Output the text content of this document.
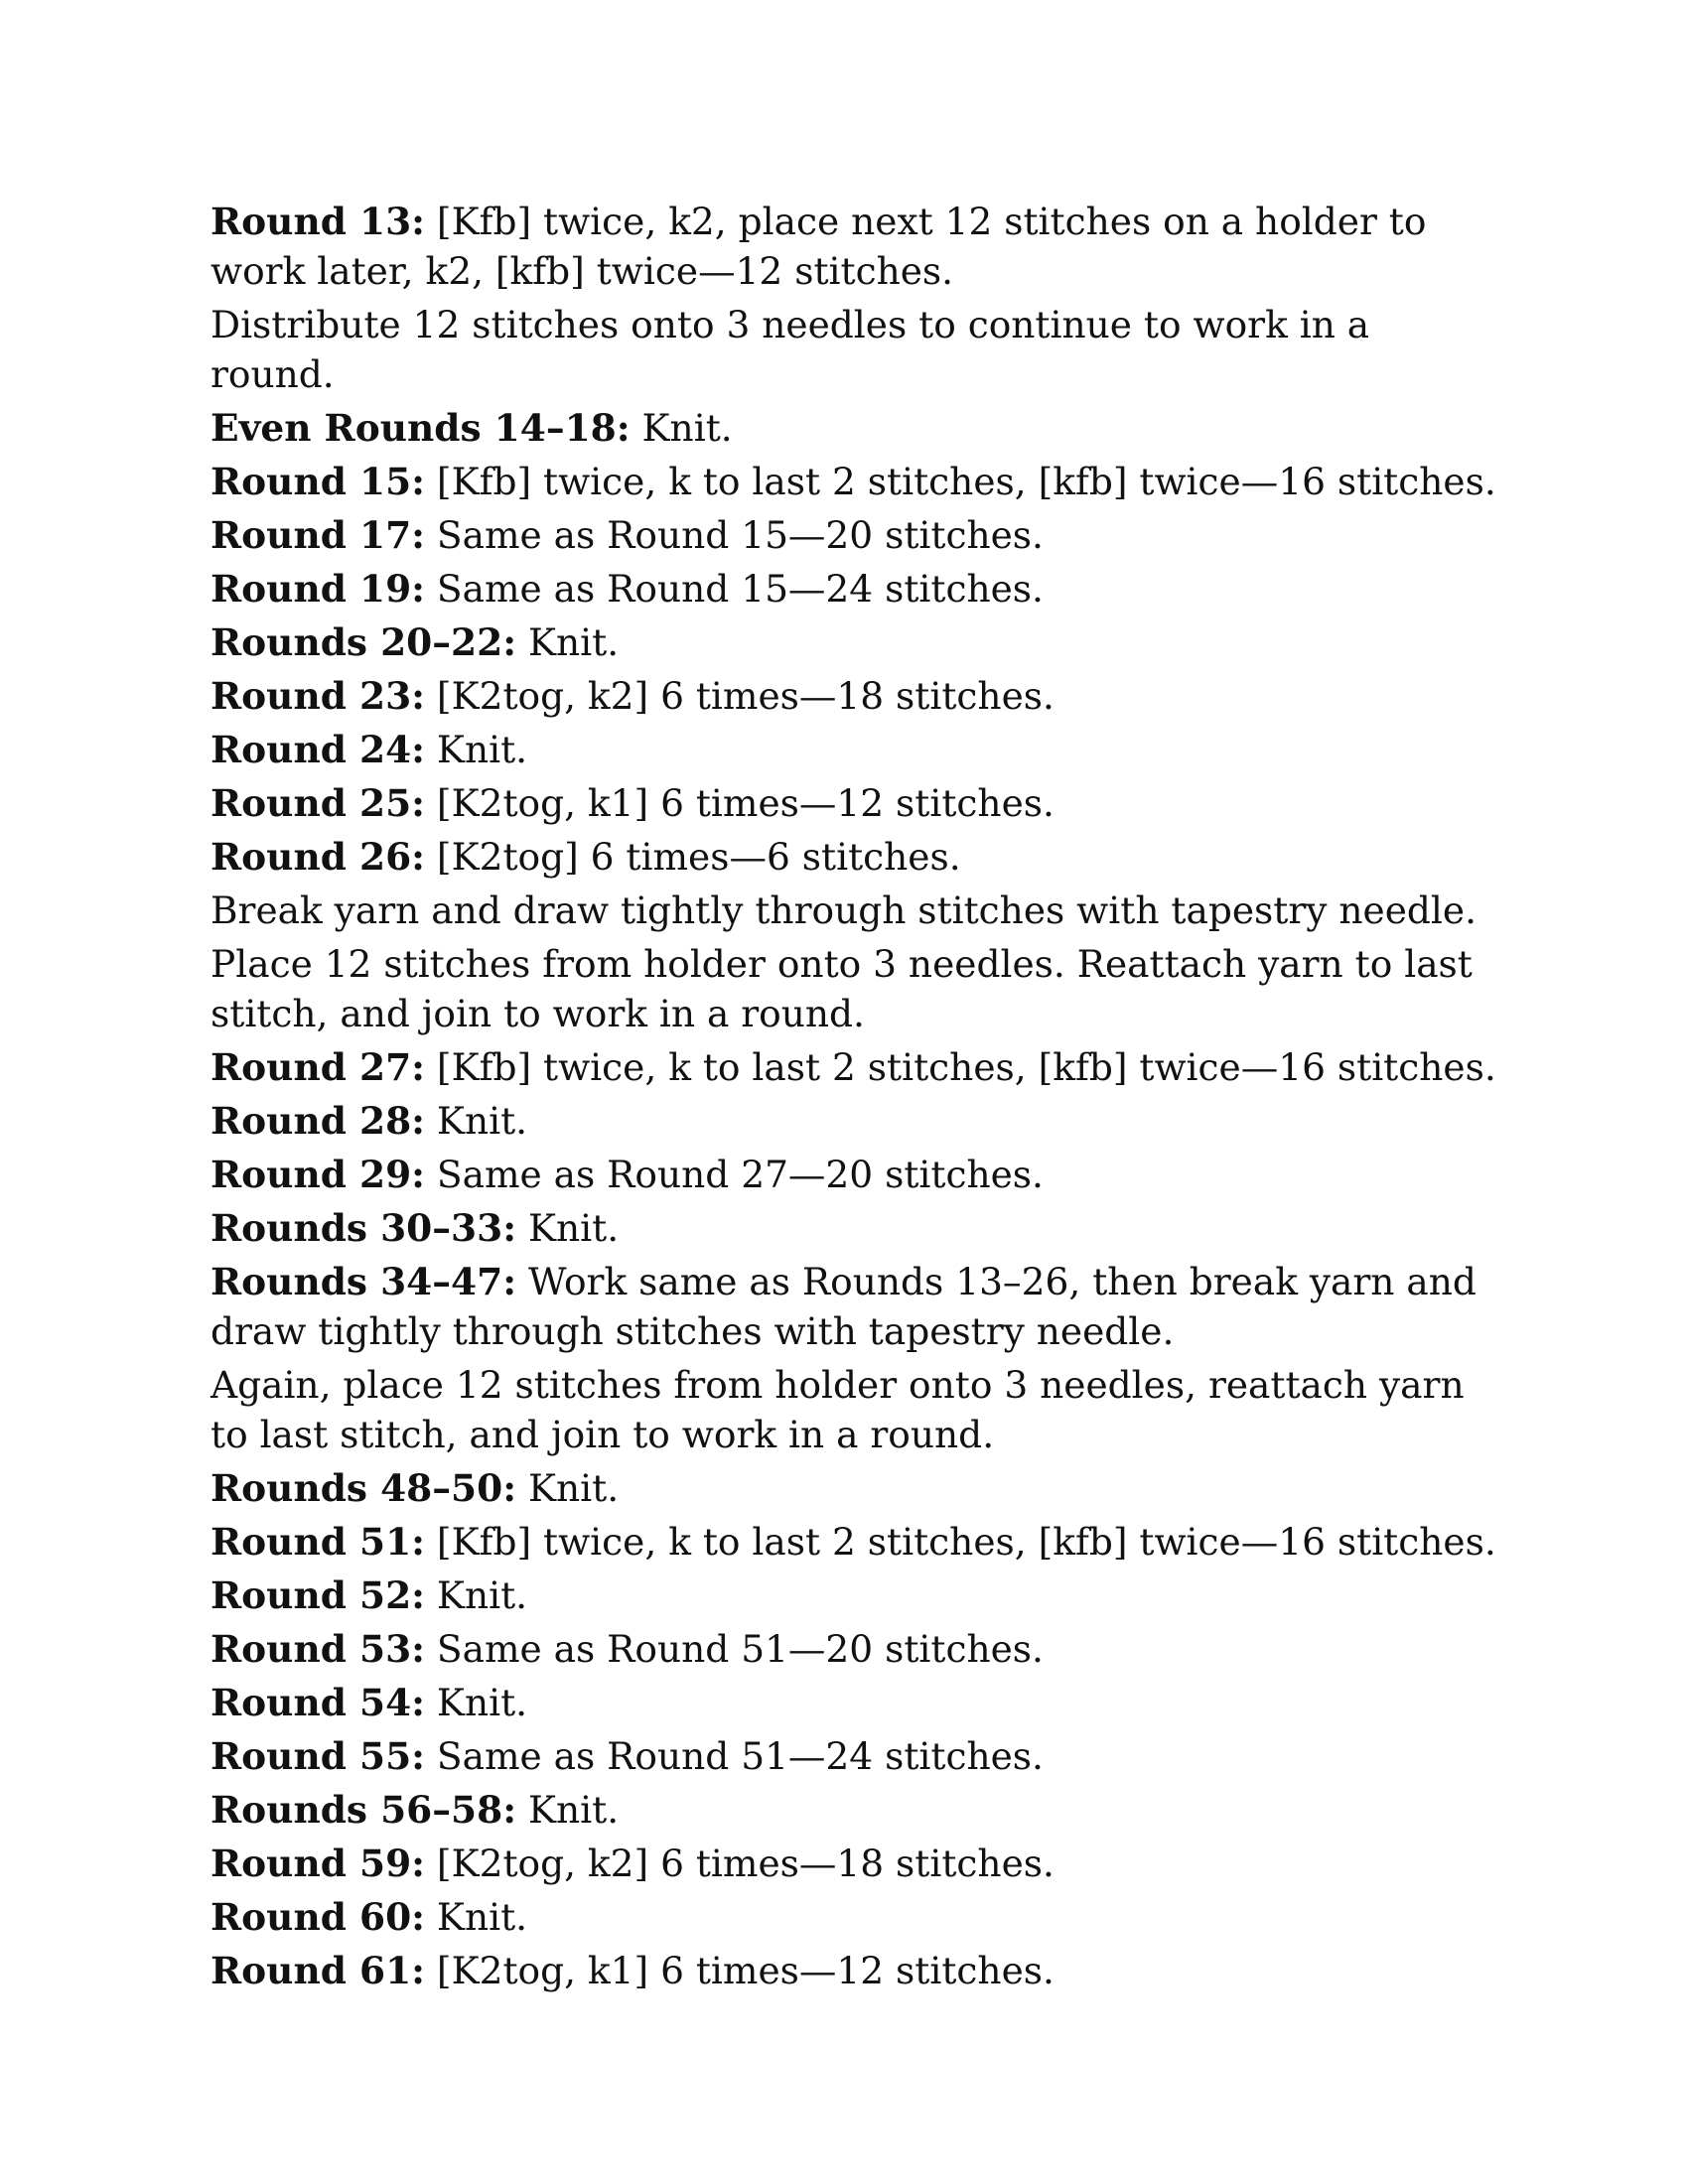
Round 13: [Kfb] twice, k2, place next 12 stitches on a holder to work later, k2, [kfb] twice—12 stitches.

Distribute 12 stitches onto 3 needles to continue to work in a round.

Even Rounds 14–18: Knit.

Round 15: [Kfb] twice, k to last 2 stitches, [kfb] twice—16 stitches.

Round 17: Same as Round 15—20 stitches.

Round 19: Same as Round 15—24 stitches.

Rounds 20–22: Knit.

Round 23: [K2tog, k2] 6 times—18 stitches.

Round 24: Knit.

Round 25: [K2tog, k1] 6 times—12 stitches.

Round 26: [K2tog] 6 times—6 stitches.

Break yarn and draw tightly through stitches with tapestry needle.

Place 12 stitches from holder onto 3 needles. Reattach yarn to last stitch, and join to work in a round.

Round 27: [Kfb] twice, k to last 2 stitches, [kfb] twice—16 stitches.

Round 28: Knit.

Round 29: Same as Round 27—20 stitches.

Rounds 30–33: Knit.

Rounds 34–47: Work same as Rounds 13–26, then break yarn and draw tightly through stitches with tapestry needle.

Again, place 12 stitches from holder onto 3 needles, reattach yarn to last stitch, and join to work in a round.

Rounds 48–50: Knit.

Round 51: [Kfb] twice, k to last 2 stitches, [kfb] twice—16 stitches.

Round 52: Knit.

Round 53: Same as Round 51—20 stitches.

Round 54: Knit.

Round 55: Same as Round 51—24 stitches.

Rounds 56–58: Knit.

Round 59: [K2tog, k2] 6 times—18 stitches.

Round 60: Knit.

Round 61: [K2tog, k1] 6 times—12 stitches.
